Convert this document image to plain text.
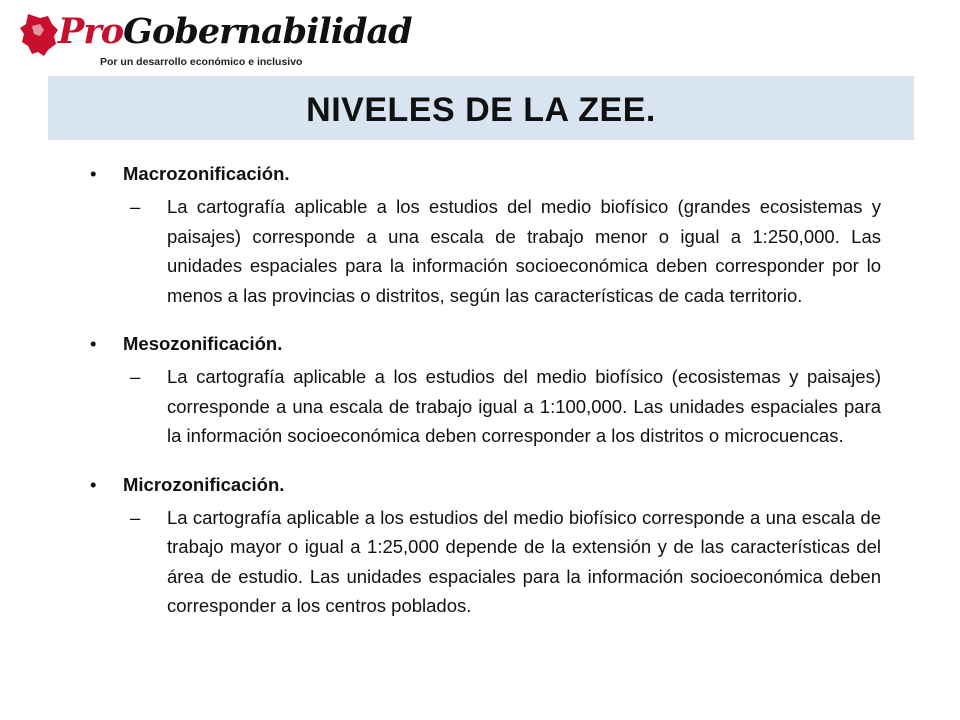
ProGobernabilidad
Por un desarrollo económico e inclusivo
NIVELES DE LA ZEE.
• Macrozonificación.
– La cartografía aplicable a los estudios del medio biofísico (grandes ecosistemas y paisajes) corresponde a una escala de trabajo menor o igual a 1:250,000. Las unidades espaciales para la información socioeconómica deben corresponder por lo menos a las provincias o distritos, según las características de cada territorio.
• Mesozonificación.
– La cartografía aplicable a los estudios del medio biofísico (ecosistemas y paisajes) corresponde a una escala de trabajo igual a 1:100,000. Las unidades espaciales para la información socioeconómica deben corresponder a los distritos o microcuencas.
• Microzonificación.
– La cartografía aplicable a los estudios del medio biofísico corresponde a una escala de trabajo mayor o igual a 1:25,000 depende de la extensión y de las características del área de estudio. Las unidades espaciales para la información socioeconómica deben corresponder a los centros poblados.
